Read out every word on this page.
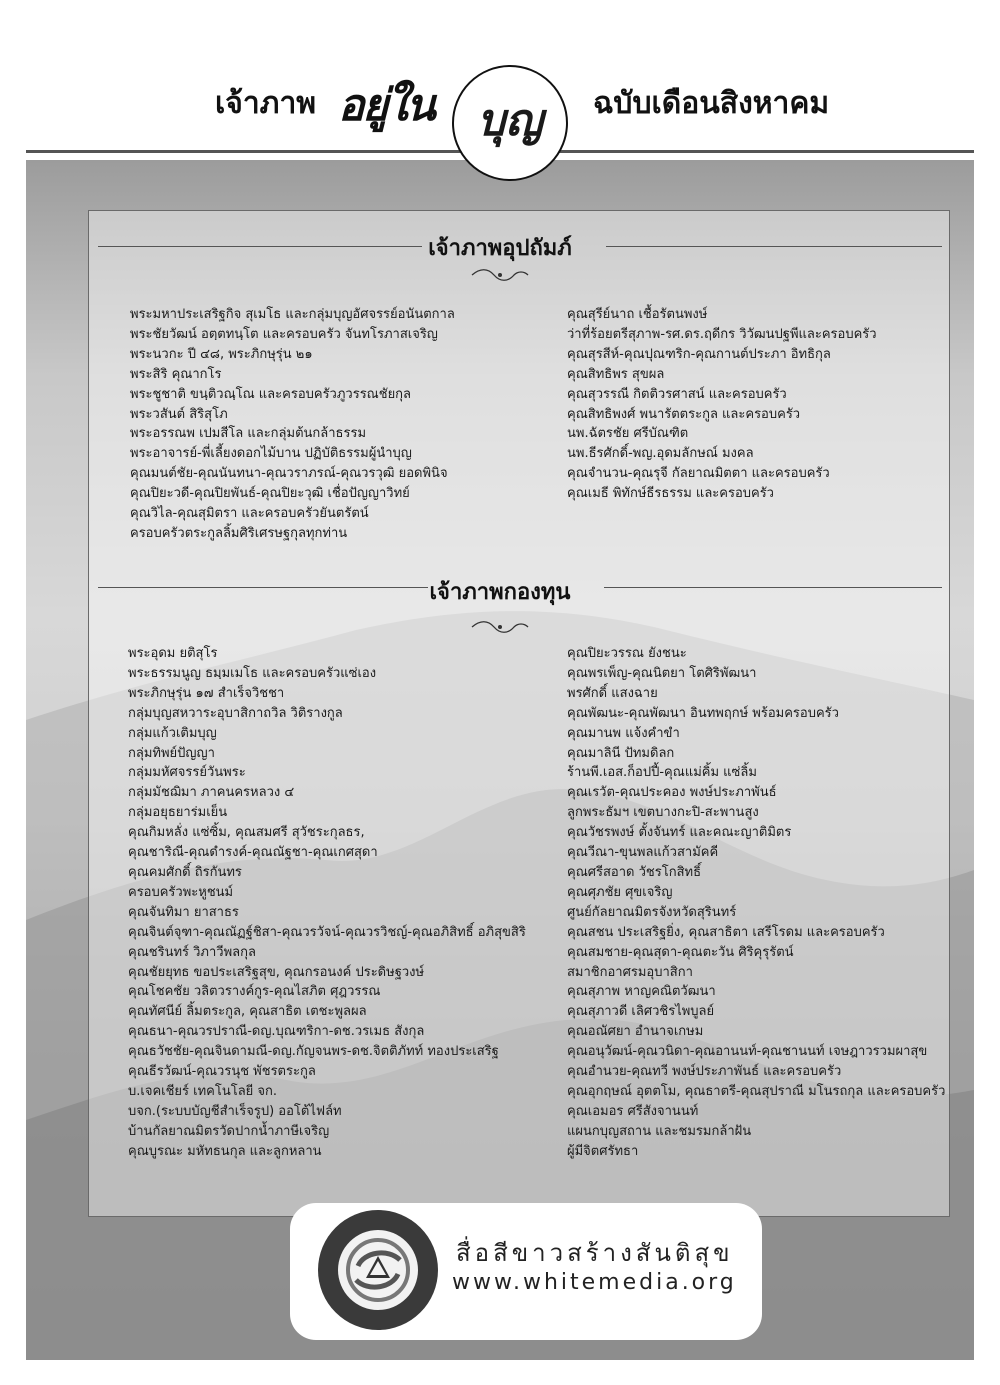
เจ้าภาพ อยู่ใน บุญ	ฉบับเดือนสิงหาคม
เจ้าภาพอุปถัมภ์
พระมหาประเสริฐกิจ สุเมโธ และกลุ่มบุญอัศจรรย์อนันตกาล
พระชัยวัฒน์ อตฺตทนฺโต และครอบครัว จันทโรภาสเจริญ
พระนวกะ ปี ๔๘, พระภิกษุรุ่น ๒๑
พระสิริ คุณากโร
พระชูชาติ ขนฺติวณฺโณ และครอบครัวภูวรรณชัยกุล
พระวสันต์ สิริสุโภ
พระอรรณพ เปมสีโล และกลุ่มต้นกล้าธรรม
พระอาจารย์-พี่เลี้ยงดอกไม้บาน ปฏิบัติธรรมผู้นำบุญ
คุณมนต์ชัย-คุณนันทนา-คุณวราภรณ์-คุณวรวุฒิ ยอดพินิจ
คุณปิยะวดี-คุณปิยพันธ์-คุณปิยะวุฒิ เชื่อปัญญาวิทย์
คุณวิไล-คุณสุมิตรา และครอบครัวยันตรัตน์
ครอบครัวตระกูลลิ้มศิริเศรษฐกุลทุกท่าน
คุณสุรีย์นาถ เชื้อรัตนพงษ์
ว่าที่ร้อยตรีสุภาพ-รศ.ดร.ฤดีกร วิวัฒนปฐพีและครอบครัว
คุณสุรสีห์-คุณปุณฑริก-คุณกานต์ประภา อิทธิกุล
คุณสิทธิพร สุขผล
คุณสุวรรณี กิตติวรศาสน์ และครอบครัว
คุณสิทธิพงศ์ พนารัตตระกูล และครอบครัว
นพ.ฉัตรชัย ศรีบัณฑิต
นพ.ธีรศักดิ์-พญ.อุดมลักษณ์ มงคล
คุณจำนวน-คุณรุจี กัลยาณมิตตา และครอบครัว
คุณเมธี พิทักษ์ธีรธรรม และครอบครัว
เจ้าภาพกองทุน
พระอุดม ยติสุโร
พระธรรมนูญ ธมฺมเมโธ และครอบครัวแซ่เอง
พระภิกษุรุ่น ๑๗ สำเร็จวิชชา
กลุ่มบุญสหวาระอุบาสิกาถวิล วิติรางกูล
กลุ่มแก้วเติมบุญ
กลุ่มทิพย์ปัญญา
กลุ่มมหัศจรรย์วันพระ
กลุ่มมัชฌิมา ภาคนครหลวง ๔
กลุ่มอยุธยาร่มเย็น
คุณกิมหลั่ง แซ่ซิ้ม, คุณสมศรี สุวัชระกุลธร,
คุณชาริณี-คุณดำรงค์-คุณณัฐชา-คุณเกศสุดา
คุณคมศักดิ์ ถิรกันทร
ครอบครัวพะหูชนม์
คุณจันทิมา ยาสาธร
คุณจินต์จุฑา-คุณณัฏฐ์ชิสา-คุณวรวัจน์-คุณวรวิชญ์-คุณอภิสิทธิ์ อภิสุขสิริ
คุณชรินทร์ วิภาวีพลกุล
คุณชัยยุทธ ขอประเสริฐสุข, คุณกรอนงค์ ประดิษฐวงษ์
คุณโชคชัย วลิตวรางค์กูร-คุณไสภิต ศุฎวรรณ
คุณทัศนีย์ ลิ้มตระกูล, คุณสาธิต เตชะพูลผล
คุณธนา-คุณวรปราณี-ดญ.บุณฑริกา-ดช.วรเมธ สังกุล
คุณธวัชชัย-คุณจินดามณี-ดญ.กัญจนพร-ดช.จิตติภัทท์ ทองประเสริฐ
คุณธีรวัฒน์-คุณวรนุช พัชรตระกูล
บ.เจคเชียร์ เทคโนโลยี จก.
บจก.(ระบบบัญชีสำเร็จรูป) ออโต้ไฟล์ท
บ้านกัลยาณมิตรวัดปากน้ำภาษีเจริญ
คุณบูรณะ มหัทธนกุล และลูกหลาน
คุณปิยะวรรณ ยังชนะ
คุณพรเพ็ญ-คุณนิตยา โตศิริพัฒนา
พรศักดิ์ แสงฉาย
คุณพัฒนะ-คุณพัฒนา อินทพฤกษ์ พร้อมครอบครัว
คุณมานพ แจ้งคำขำ
คุณมาลินี ปัทมดิลก
ร้านพี.เอส.ก็อปปี้-คุณแม่คิ้ม แซ่ลิ้ม
คุณเรวัต-คุณประคอง พงษ์ประภาพันธ์
ลูกพระธัมฯ เขตบางกะปิ-สะพานสูง
คุณวัชรพงษ์ ตั้งจันทร์ และคณะญาติมิตร
คุณวีณา-ขุนพลแก้วสามัคคี
คุณศรีสอาด วัชรโกสิทธิ์
คุณศุภชัย ศุขเจริญ
ศูนย์กัลยาณมิตรจังหวัดสุรินทร์
คุณสชน ประเสริฐยิ่ง, คุณสาธิตา เสรีโรดม และครอบครัว
คุณสมชาย-คุณสุดา-คุณตะวัน ศิริคุรุรัตน์
สมาชิกอาศรมอุบาสิกา
คุณสุภาพ หาญคณิตวัฒนา
คุณสุภาวดี เลิศวชิรไพบูลย์
คุณอณัศยา อำนาจเกษม
คุณอนุวัฒน์-คุณวนิดา-คุณอานนท์-คุณชานนท์ เจษฎาวรวมผาสุข
คุณอำนวย-คุณทวี พงษ์ประภาพันธ์ และครอบครัว
คุณอุกฤษณ์ อุตตโม, คุณธาตรี-คุณสุปราณี มโนรถกุล และครอบครัว
คุณเอมอร ศรีสังจานนท์
แผนกบุญสถาน และชมรมกล้าฝัน
ผู้มีจิตศรัทธา
สื่อสีขาวสร้างสันติสุข
www.whitemedia.org
